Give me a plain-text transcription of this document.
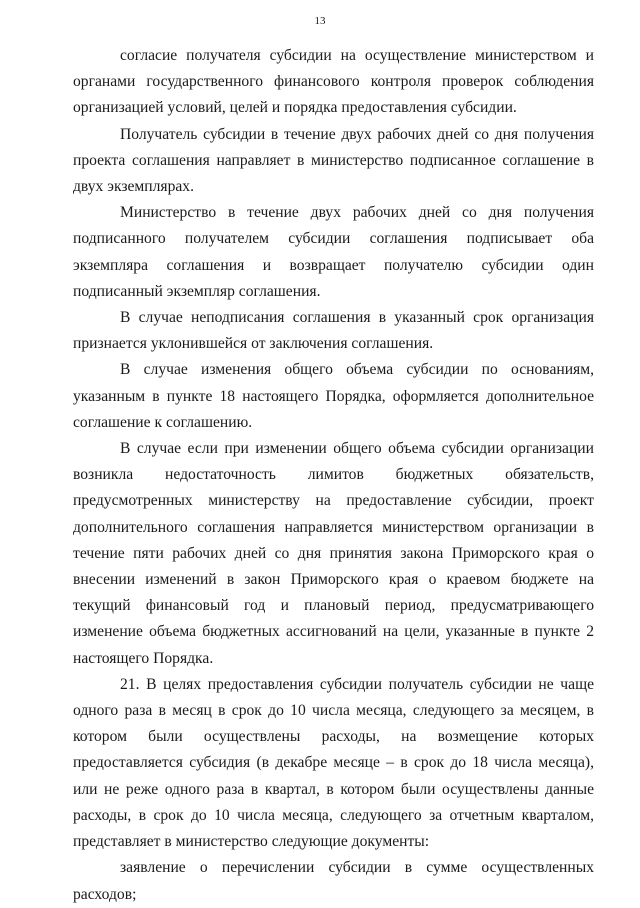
13

согласие получателя субсидии на осуществление министерством и органами государственного финансового контроля проверок соблюдения организацией условий, целей и порядка предоставления субсидии.

Получатель субсидии в течение двух рабочих дней со дня получения проекта соглашения направляет в министерство подписанное соглашение в двух экземплярах.

Министерство в течение двух рабочих дней со дня получения подписанного получателем субсидии соглашения подписывает оба экземпляра соглашения и возвращает получателю субсидии один подписанный экземпляр соглашения.

В случае неподписания соглашения в указанный срок организация признается уклонившейся от заключения соглашения.

В случае изменения общего объема субсидии по основаниям, указанным в пункте 18 настоящего Порядка, оформляется дополнительное соглашение к соглашению.

В случае если при изменении общего объема субсидии организации возникла недостаточность лимитов бюджетных обязательств, предусмотренных министерству на предоставление субсидии, проект дополнительного соглашения направляется министерством организации в течение пяти рабочих дней со дня принятия закона Приморского края о внесении изменений в закон Приморского края о краевом бюджете на текущий финансовый год и плановый период, предусматривающего изменение объема бюджетных ассигнований на цели, указанные в пункте 2 настоящего Порядка.

21. В целях предоставления субсидии получатель субсидии не чаще одного раза в месяц в срок до 10 числа месяца, следующего за месяцем, в котором были осуществлены расходы, на возмещение которых предоставляется субсидия (в декабре месяце – в срок до 18 числа месяца), или не реже одного раза в квартал, в котором были осуществлены данные расходы, в срок до 10 числа месяца, следующего за отчетным кварталом, представляет в министерство следующие документы:

заявление о перечислении субсидии в сумме осуществленных расходов;
